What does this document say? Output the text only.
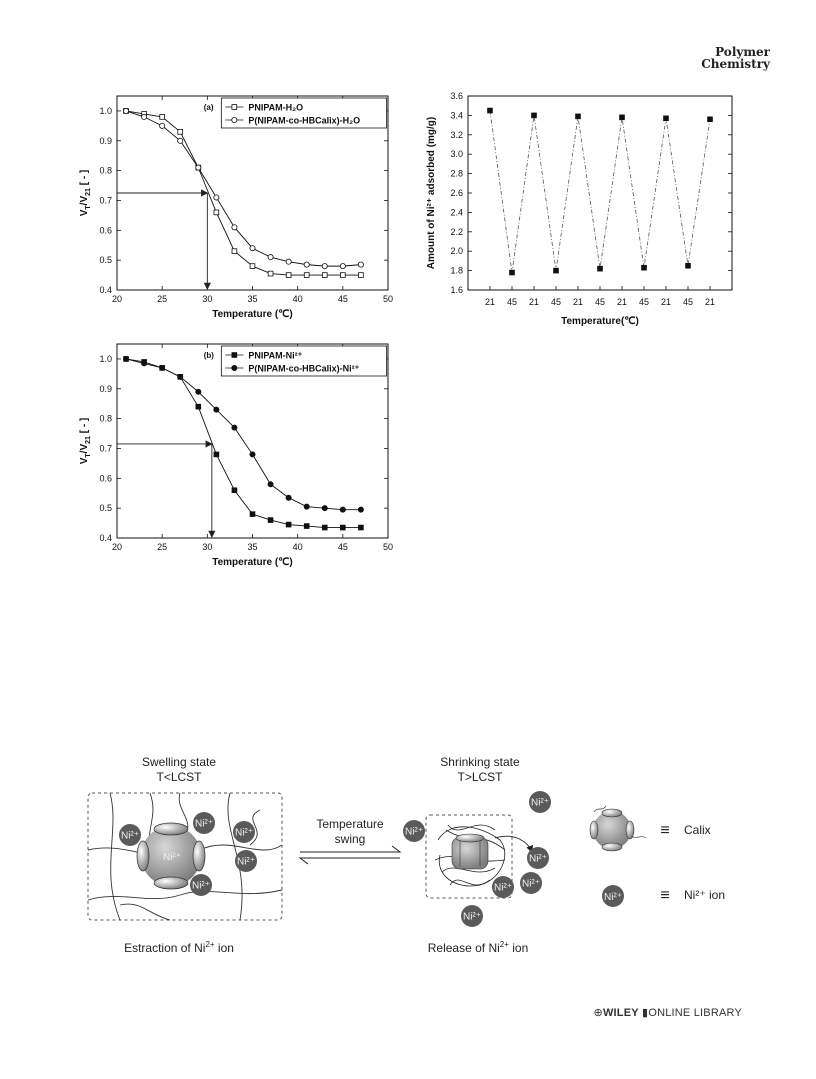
Polymer
Chemistry
20	25	30	35	40	45	50
0.4
0.5
0.6
0.7
0.8
0.9
1.0
Temperature (℃)
$V_T/V_{21}$ [ - ]
(a)	PNIPAM-H₂O
P(NIPAM-co-HBCalix)-H₂O
20	25	30	35	40	45	50
0.4
0.5
0.6
0.7
0.8
0.9
1.0
Temperature (℃)
$V_T/V_{21}$ [ - ]
(b)	PNIPAM-Ni²⁺
P(NIPAM-co-HBCalix)-Ni²⁺
1.6
1.8
2.0
2.2
2.4
2.6
2.8
3.0
3.2
3.4
3.6
21 45 21 45 21 45 21 45 21 45 21
Temperature(℃)
Amount of Ni²⁺ adsorbed (mg/g)
Swelling state
T<LCST
Shrinking state
T>LCST
Ni²⁺
Ni²⁺
Ni²⁺
Ni²⁺
Ni²⁺
Ni²⁺
Temperature
swing
Ni²⁺
Ni²⁺
Ni²⁺
Ni²⁺ Ni²⁺
Ni²⁺
≡ Calix
Ni²⁺ ≡ Ni²⁺ ion
Estraction of $Ni^{2+}$ ion	Release of $Ni^{2+}$ ion
⊕WILEY ▮ONLINE LIBRARY
